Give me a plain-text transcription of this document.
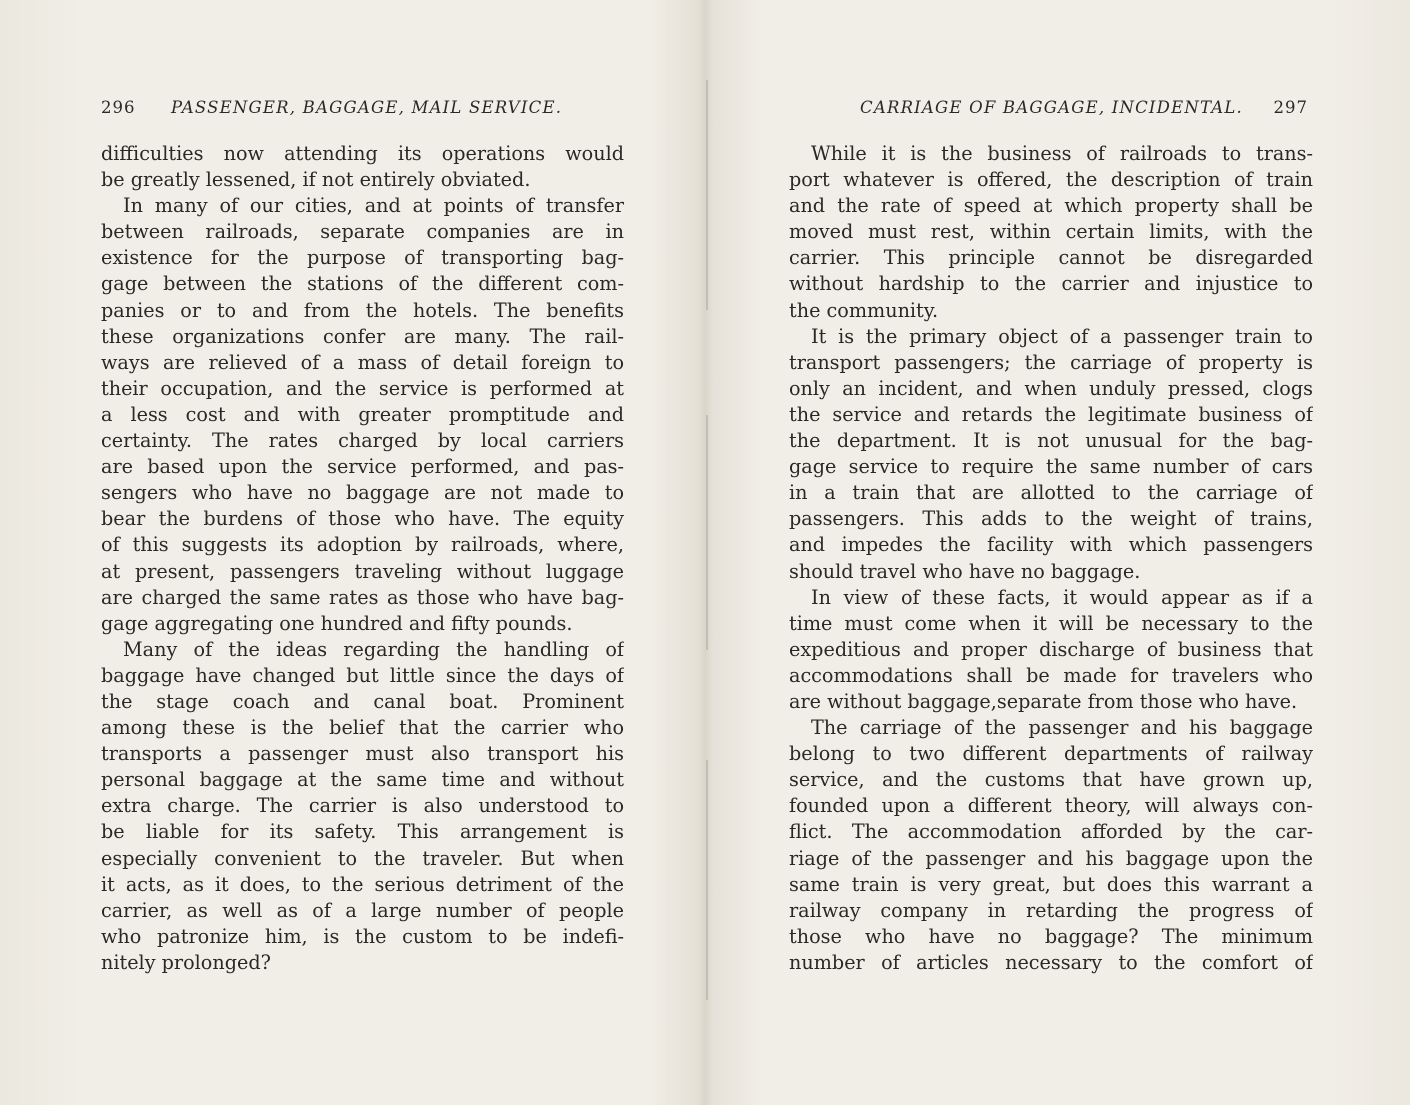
296 PASSENGER, BAGGAGE, MAIL SERVICE.
difficulties now attending its operations would
be greatly lessened, if not entirely obviated.
In many of our cities, and at points of transfer
between railroads, separate companies are in
existence for the purpose of transporting bag-
gage between the stations of the different com-
panies or to and from the hotels. The benefits
these organizations confer are many. The rail-
ways are relieved of a mass of detail foreign to
their occupation, and the service is performed at
a less cost and with greater promptitude and
certainty. The rates charged by local carriers
are based upon the service performed, and pas-
sengers who have no baggage are not made to
bear the burdens of those who have. The equity
of this suggests its adoption by railroads, where,
at present, passengers traveling without luggage
are charged the same rates as those who have bag-
gage aggregating one hundred and fifty pounds.
Many of the ideas regarding the handling of
baggage have changed but little since the days of
the stage coach and canal boat. Prominent
among these is the belief that the carrier who
transports a passenger must also transport his
personal baggage at the same time and without
extra charge. The carrier is also understood to
be liable for its safety. This arrangement is
especially convenient to the traveler. But when
it acts, as it does, to the serious detriment of the
carrier, as well as of a large number of people
who patronize him, is the custom to be indefi-
nitely prolonged?
CARRIAGE OF BAGGAGE, INCIDENTAL. 297
While it is the business of railroads to trans-
port whatever is offered, the description of train
and the rate of speed at which property shall be
moved must rest, within certain limits, with the
carrier. This principle cannot be disregarded
without hardship to the carrier and injustice to
the community.
It is the primary object of a passenger train to
transport passengers; the carriage of property is
only an incident, and when unduly pressed, clogs
the service and retards the legitimate business of
the department. It is not unusual for the bag-
gage service to require the same number of cars
in a train that are allotted to the carriage of
passengers. This adds to the weight of trains,
and impedes the facility with which passengers
should travel who have no baggage.
In view of these facts, it would appear as if a
time must come when it will be necessary to the
expeditious and proper discharge of business that
accommodations shall be made for travelers who
are without baggage,separate from those who have.
The carriage of the passenger and his baggage
belong to two different departments of railway
service, and the customs that have grown up,
founded upon a different theory, will always con-
flict. The accommodation afforded by the car-
riage of the passenger and his baggage upon the
same train is very great, but does this warrant a
railway company in retarding the progress of
those who have no baggage? The minimum
number of articles necessary to the comfort of
